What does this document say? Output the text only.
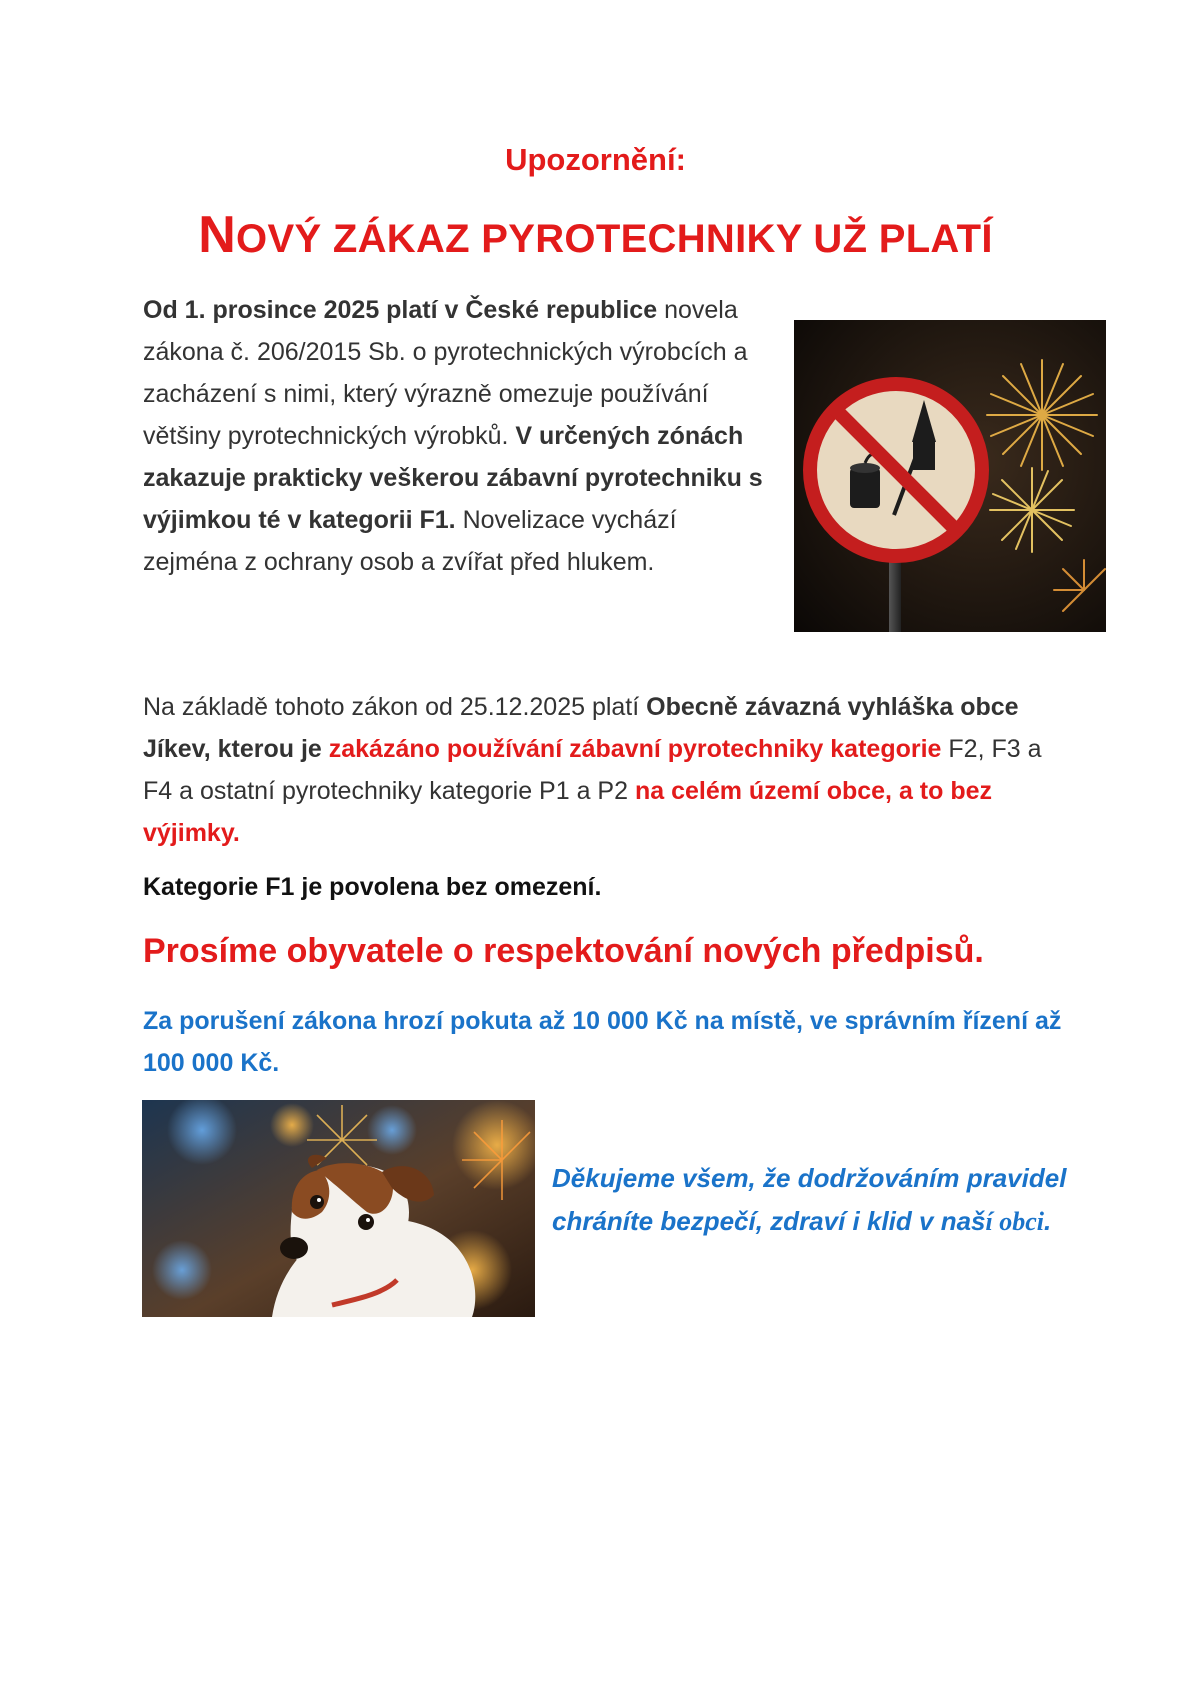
Upozornění:

NOVÝ ZÁKAZ PYROTECHNIKY UŽ PLATÍ

Od 1. prosince 2025 platí v České republice novela zákona č. 206/2015 Sb. o pyrotechnických výrobcích a zacházení s nimi, který výrazně omezuje používání většiny pyrotechnických výrobků. V určených zónách zakazuje prakticky veškerou zábavní pyrotechniku s výjimkou té v kategorii F1. Novelizace vychází zejména z ochrany osob a zvířat před hlukem.

Na základě tohoto zákon od 25.12.2025 platí Obecně závazná vyhláška obce Jíkev, kterou je zakázáno používání zábavní pyrotechniky kategorie F2, F3 a F4 a ostatní pyrotechniky kategorie P1 a P2 na celém území obce, a to bez výjimky.

Kategorie F1 je povolena bez omezení.

Prosíme obyvatele o respektování nových předpisů.

Za porušení zákona hrozí pokuta až 10 000 Kč na místě, ve správním řízení až 100 000 Kč.

Děkujeme všem, že dodržováním pravidel chráníte bezpečí, zdraví i klid v naší obci.
